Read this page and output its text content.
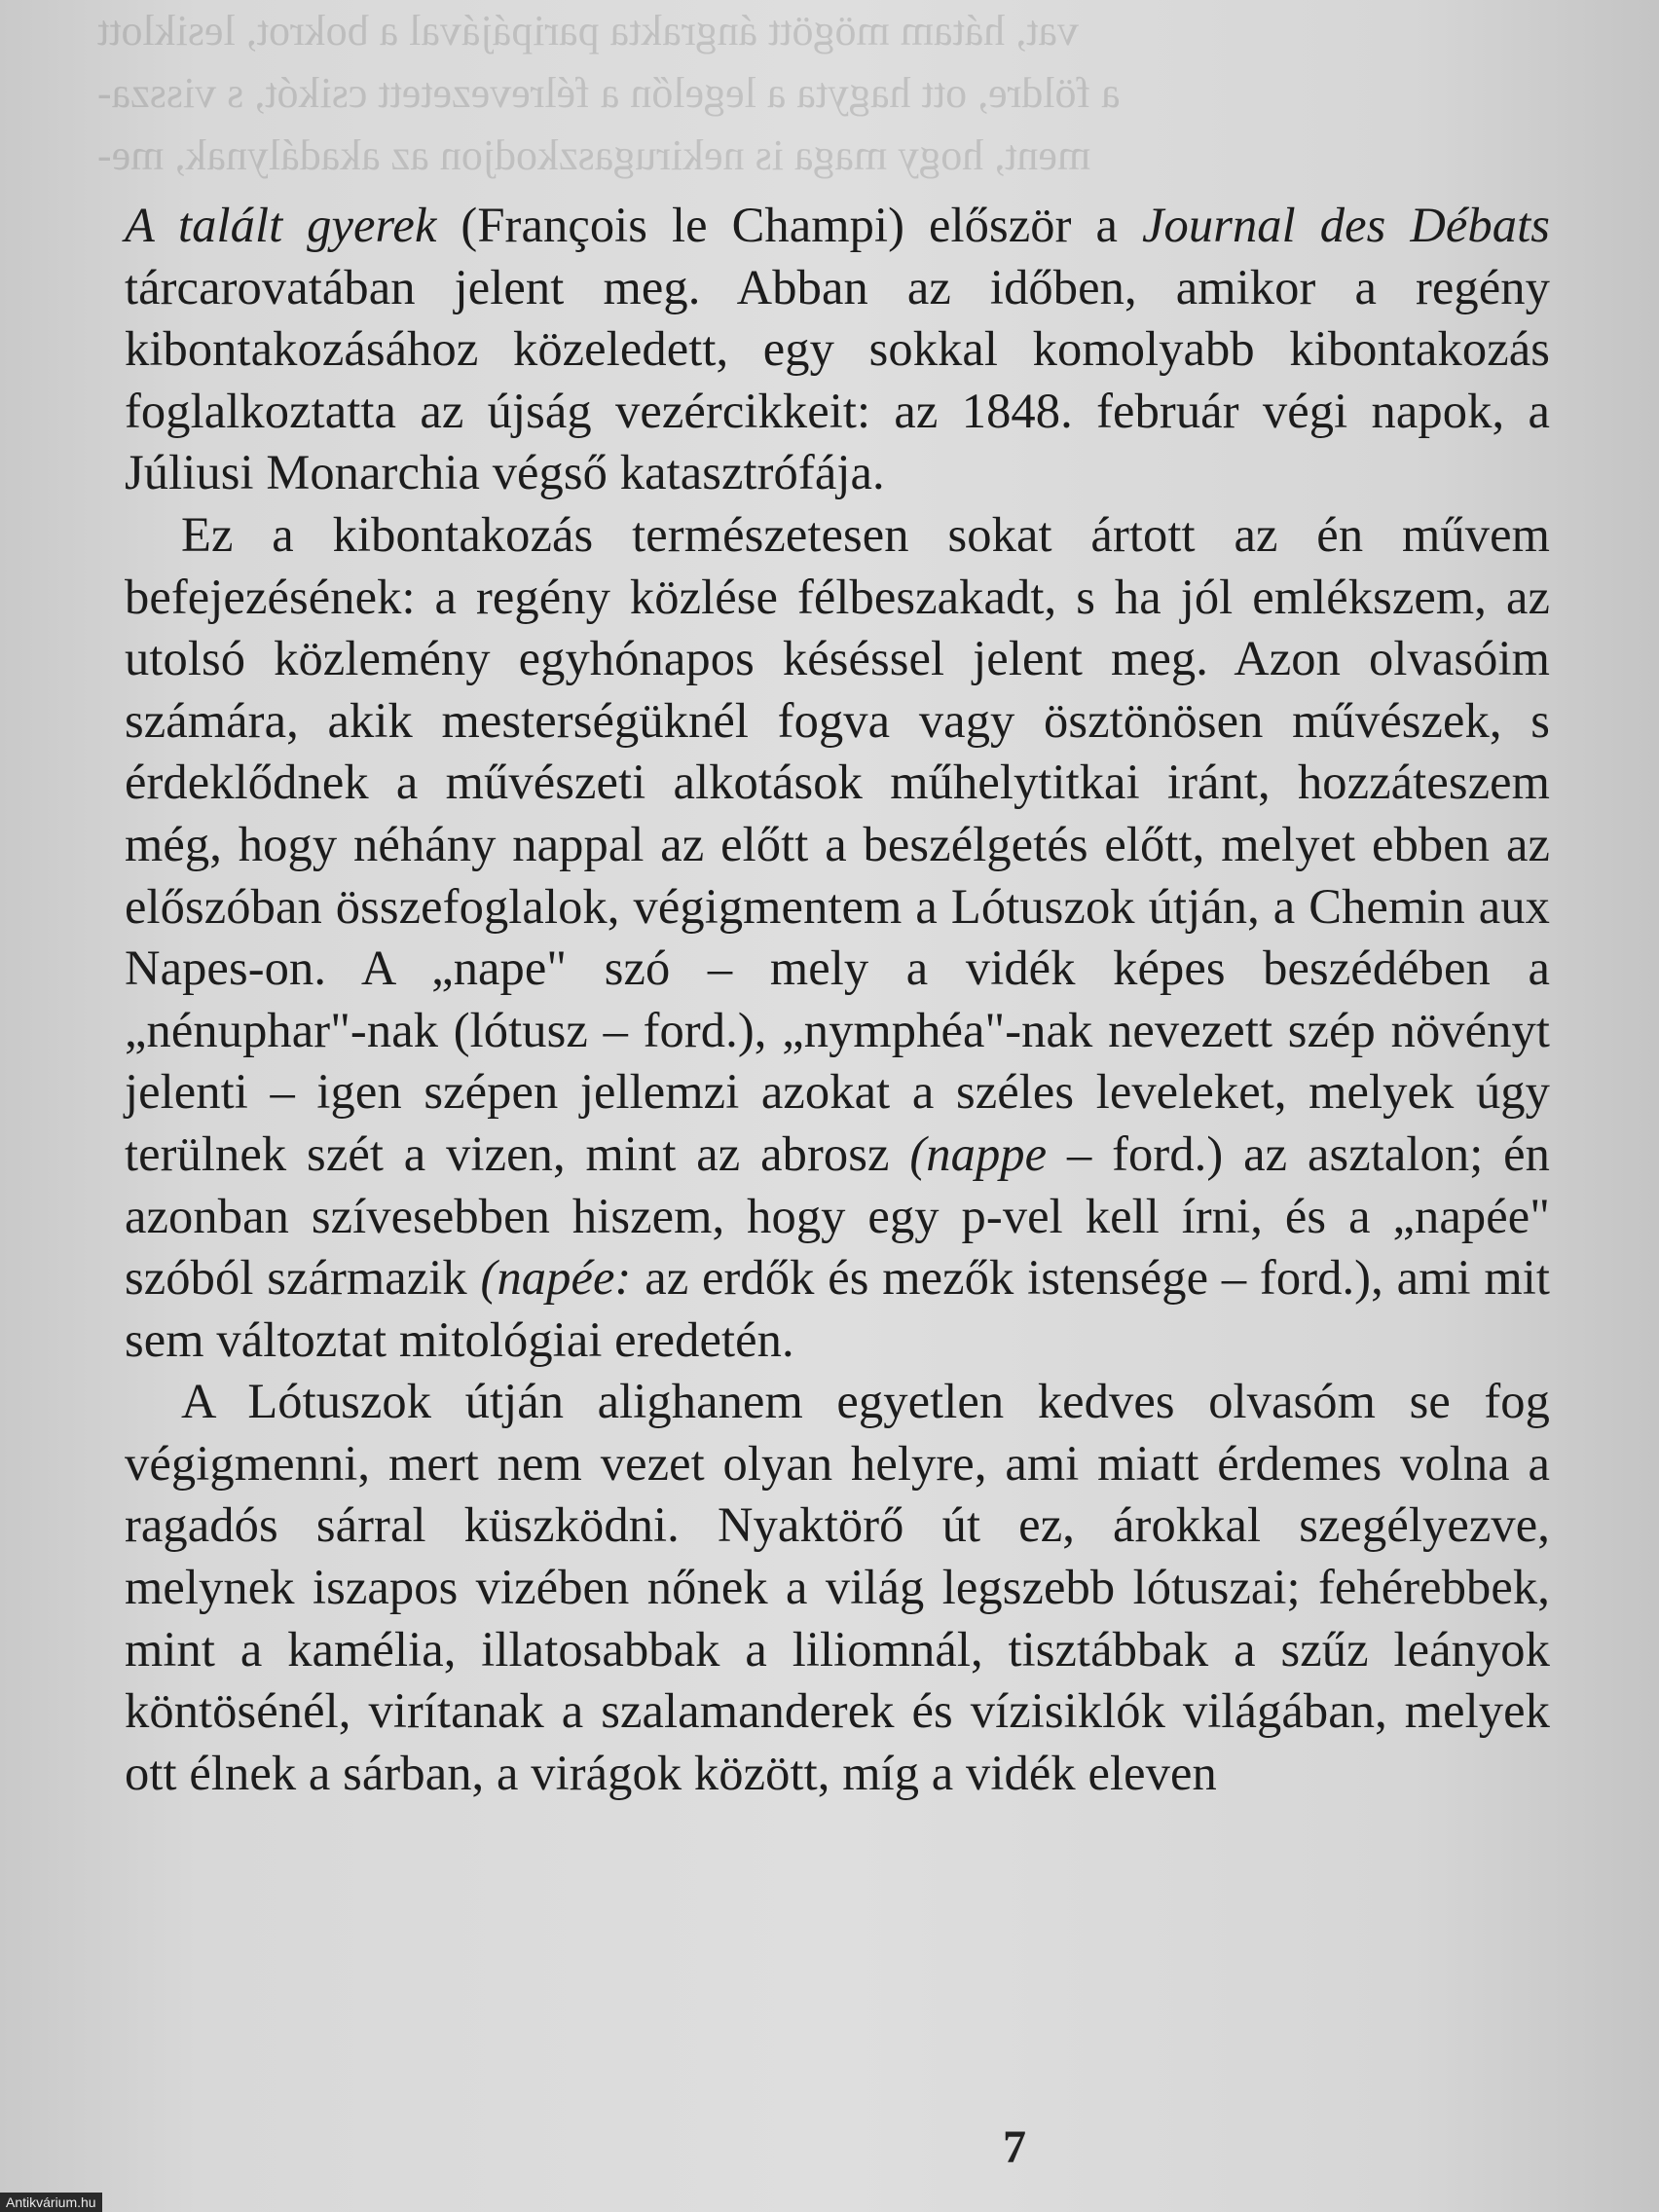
vat, hátam mögött ángrakta paripájával a bokrot, lesiklott
a földre, ott hagyta a legelőn a félrevezetett csikót, s vissza-
ment, hogy maga is nekirugaszkodjon az akadálynak, me-

A talált gyerek (François le Champi) először a Journal des Débats tárcarovatában jelent meg. Abban az időben, amikor a regény kibontakozásához közeledett, egy sokkal komolyabb kibontakozás foglalkoztatta az újság vezércikkeit: az 1848. február végi napok, a Júliusi Monarchia végső katasztrófája.

Ez a kibontakozás természetesen sokat ártott az én művem befejezésének: a regény közlése félbeszakadt, s ha jól emlékszem, az utolsó közlemény egyhónapos késéssel jelent meg. Azon olvasóim számára, akik mesterségüknél fogva vagy ösztönösen művészek, s érdeklődnek a művészeti alkotások műhelytitkai iránt, hozzáteszem még, hogy néhány nappal az előtt a beszélgetés előtt, melyet ebben az előszóban összefoglalok, végigmentem a Lótuszok útján, a Chemin aux Napes-on. A „nape" szó – mely a vidék képes beszédében a „nénuphar"-nak (lótusz – ford.), „nymphéa"-nak nevezett szép növényt jelenti – igen szépen jellemzi azokat a széles leveleket, melyek úgy terülnek szét a vizen, mint az abrosz (nappe – ford.) az asztalon; én azonban szívesebben hiszem, hogy egy p-vel kell írni, és a „napée" szóból származik (napée: az erdők és mezők istensége – ford.), ami mit sem változtat mitológiai eredetén.

A Lótuszok útján alighanem egyetlen kedves olvasóm se fog végigmenni, mert nem vezet olyan helyre, ami miatt érdemes volna a ragadós sárral küszködni. Nyaktörő út ez, árokkal szegélyezve, melynek iszapos vizében nőnek a világ legszebb lótuszai; fehérebbek, mint a kamélia, illatosabbak a liliomnál, tisztábbak a szűz leányok köntösénél, virítanak a szalamanderek és vízisiklók világában, melyek ott élnek a sárban, a virágok között, míg a vidék eleven

7
Antikvárium.hu
